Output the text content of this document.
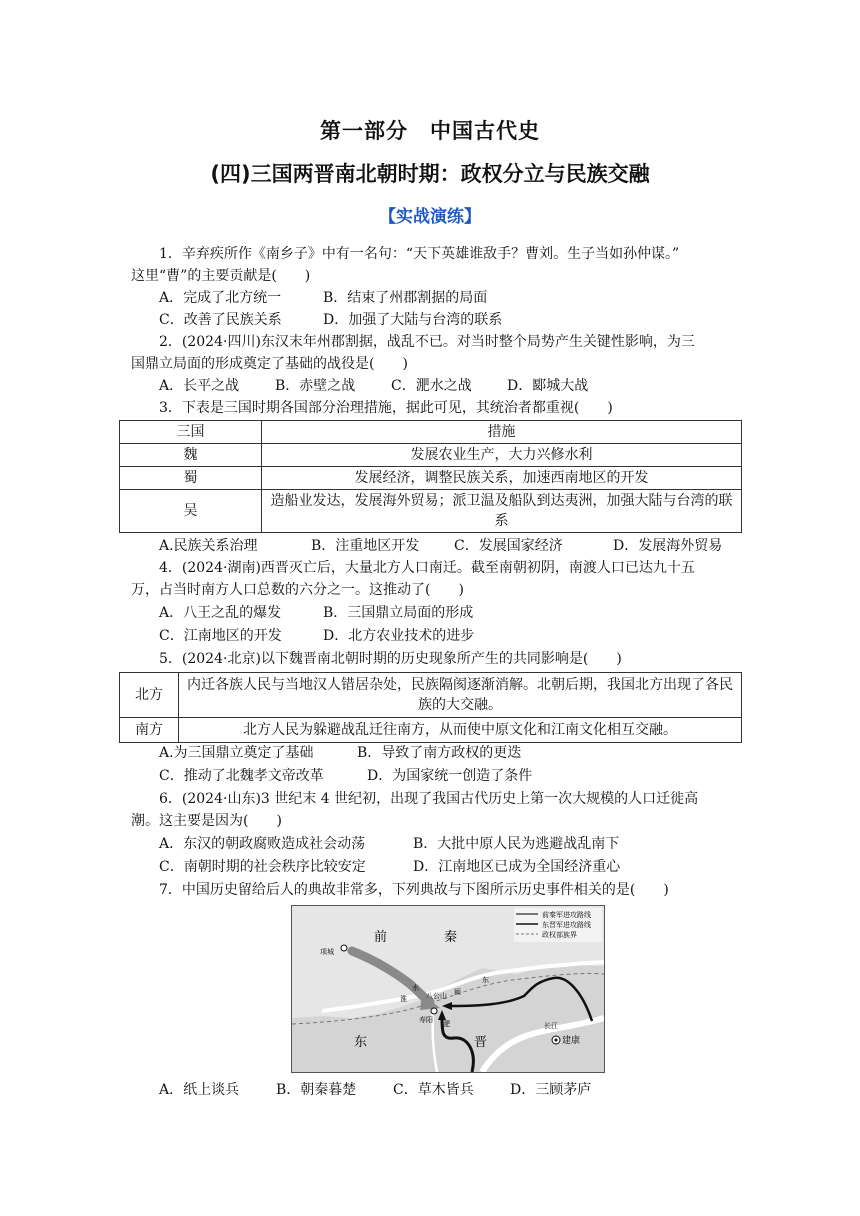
第一部分　中国古代史
(四)三国两晋南北朝时期：政权分立与民族交融
【实战演练】
1．辛弃疾所作《南乡子》中有一名句：“天下英雄谁敌手？曹刘。生子当如孙仲谋。”
这里“曹”的主要贡献是(　　)
A．完成了北方统一	B．结束了州郡割据的局面
C．改善了民族关系	D．加强了大陆与台湾的联系
2．(2024·四川)东汉末年州郡割据，战乱不已。对当时整个局势产生关键性影响，为三
国鼎立局面的形成奠定了基础的战役是(　　)
A．长平之战	B．赤壁之战	C．淝水之战	D．郾城大战
3．下表是三国时期各国部分治理措施，据此可见，其统治者都重视(　　)
三国	措施
魏	发展农业生产，大力兴修水利
蜀	发展经济，调整民族关系，加速西南地区的开发
吴	造船业发达，发展海外贸易；派卫温及船队到达夷洲，加强大陆与台湾的联系
A.民族关系治理	B．注重地区开发 C．发展国家经济	D．发展海外贸易
4．(2024·湖南)西晋灭亡后，大量北方人口南迁。截至南朝初阴，南渡人口已达九十五
万，占当时南方人口总数的六分之一。这推动了(　　)
A．八王之乱的爆发	B．三国鼎立局面的形成
C．江南地区的开发	D．北方农业技术的进步
5．(2024·北京)以下魏晋南北朝时期的历史现象所产生的共同影响是(　　)
北方	内迁各族人民与当地汉人错居杂处，民族隔阂逐渐消解。北朝后期，我国北方出现了各民族的大交融。
南方	北方人民为躲避战乱迁往南方，从而使中原文化和江南文化相互交融。
A.为三国鼎立奠定了基础	B．导致了南方政权的更迭
C．推动了北魏孝文帝改革	D．为国家统一创造了条件
6．(2024·山东)3 世纪末 4 世纪初，出现了我国古代历史上第一次大规模的人口迁徙高
潮。这主要是因为(　　)
A．东汉的朝政腐败造成社会动荡	B．大批中原人民为逃避战乱南下
C．南朝时期的社会秩序比较安定	D．江南地区已成为全国经济重心
7．中国历史留给后人的典故非常多，下列典故与下图所示历史事件相关的是(　　)
前秦军进攻路线
东晋军进攻路线
政权部族界
前	秦
东	晋
项城
八公山
寿阳
建康
长江
淮
淝
颍
东
水
A．纸上谈兵	B．朝秦暮楚	C．草木皆兵	D．三顾茅庐
